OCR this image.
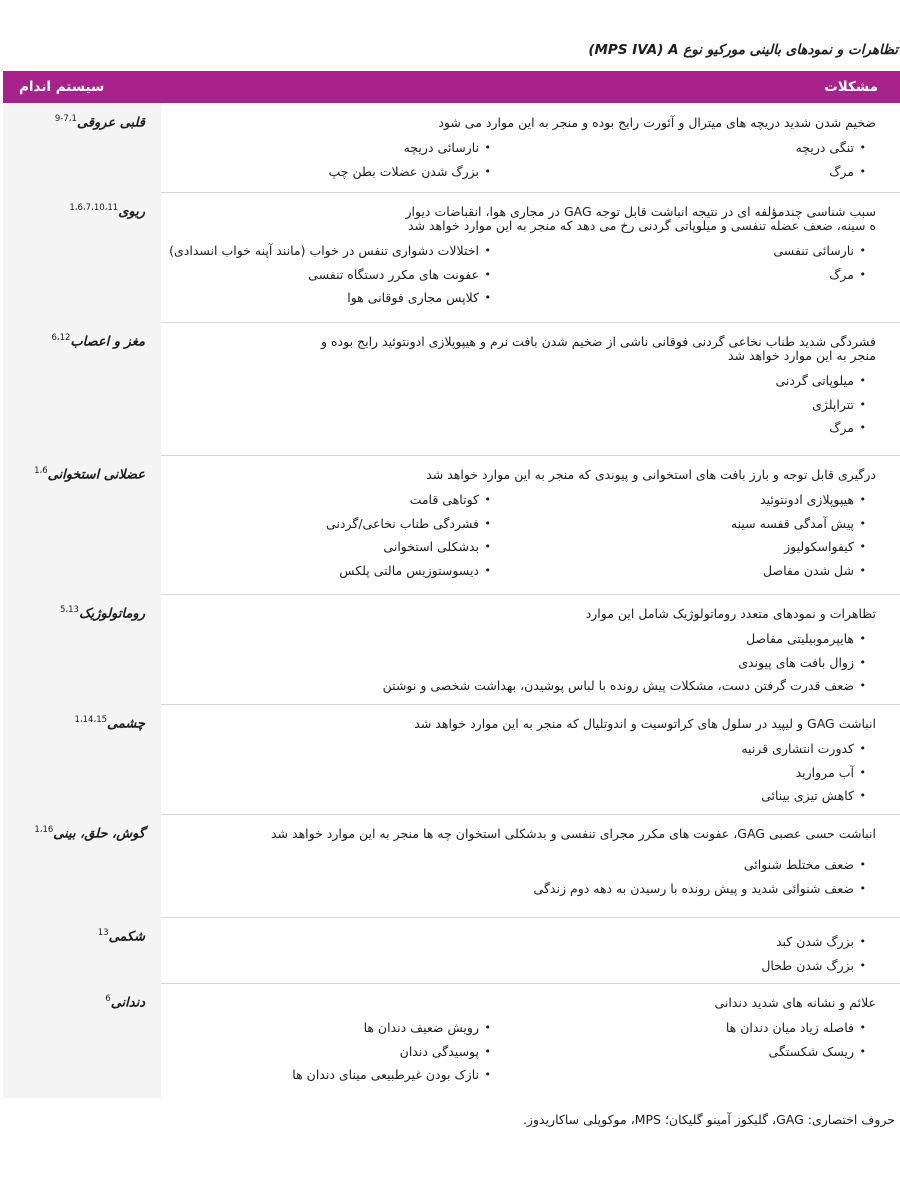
تظاهرات و نمودهای بالینی موركيو نوع MPS IVA) A)
مشکلات
سیستم اندام
قلبی عروقی$^{7،1-9}$	ضخیم شدن شدید دریچه های میترال و آئورت رایج بوده و منجر به این موارد می شود
• تنگی دریچه
• مرگ
• نارسائی دریچه
• بزرگ شدن عضلات بطن چپ
ریوی$^{1،6،7،10،11}$	سبب شناسی چندمؤلفه ای در نتیجه انباشت قابل توجه GAG در مجاری هوا، انقباضات دیوار ه سینه، ضعف عضله تنفسی و میلوپاتی گردنی رخ می دهد که منجر به این موارد خواهد شد
• نارسائی تنفسی
• مرگ
• اختلالات دشواری تنفس در خواب (مانند آپنه خواب انسدادی)
• عفونت های مکرر دستگاه تنفسی
• کلاپس مجاری فوقانی هوا
مغز و اعصاب$^{6،12}$	فشردگی شدید طناب نخاعی گردنی فوقانی ناشی از ضخیم شدن بافت نرم و هیپوپلازی ادونتوئید رایج بوده و منجر به این موارد خواهد شد
• میلوپاتی گردنی
• تتراپلژی
• مرگ
عضلانی استخوانی$^{1،6}$	درگیری قابل توجه و بارز بافت های استخوانی و پیوندی که منجر به این موارد خواهد شد
• هیپوپلازی ادونتوئید
• پیش آمدگی قفسه سینه
• کیفواسکولیوز
• شل شدن مفاصل
• کوتاهی قامت
• فشردگی طناب نخاعی/گردنی
• بدشکلی استخوانی
• دیسوستوزیس مالتی پلکس
روماتولوژیک$^{5،13}$	تظاهرات و نمودهای متعدد روماتولوژیک شامل این موارد
• هایپرموبیلیتی مفاصل
• زوال بافت های پیوندی
• ضعف قدرت گرفتن دست، مشکلات پیش رونده با لباس پوشیدن، بهداشت شخصی و نوشتن
چشمی$^{1،14،15}$	انباشت GAG و لیپید در سلول های کراتوسیت و اندوتلیال که منجر به این موارد خواهد شد
• کدورت انتشاری قرنیه
• آب مروارید
• کاهش تیزی بینائی
گوش، حلق، بینی$^{1،16}$	انباشت حسی عصبی GAG، عفونت های مکرر مجرای تنفسی و بدشکلی استخوان چه ها منجر به این موارد خواهد شد
• ضعف مختلط شنوائی
• ضعف شنوائی شدید و پیش رونده با رسیدن به دهه دوم زندگی
شکمی$^{13}$
• بزرگ شدن کبد
• بزرگ شدن طحال
دندانی$^6$	علائم و نشانه های شدید دندانی
• فاصله زیاد میان دندان ها
• ریسک شکستگی
• رویش ضعیف دندان ها
• پوسیدگی دندان
• نازک بودن غیرطبیعی مینای دندان ها
حروف اختصاری: GAG، گلیکوز آمینو گلیکان؛ MPS، موکوپلی ساکاریدوز.
